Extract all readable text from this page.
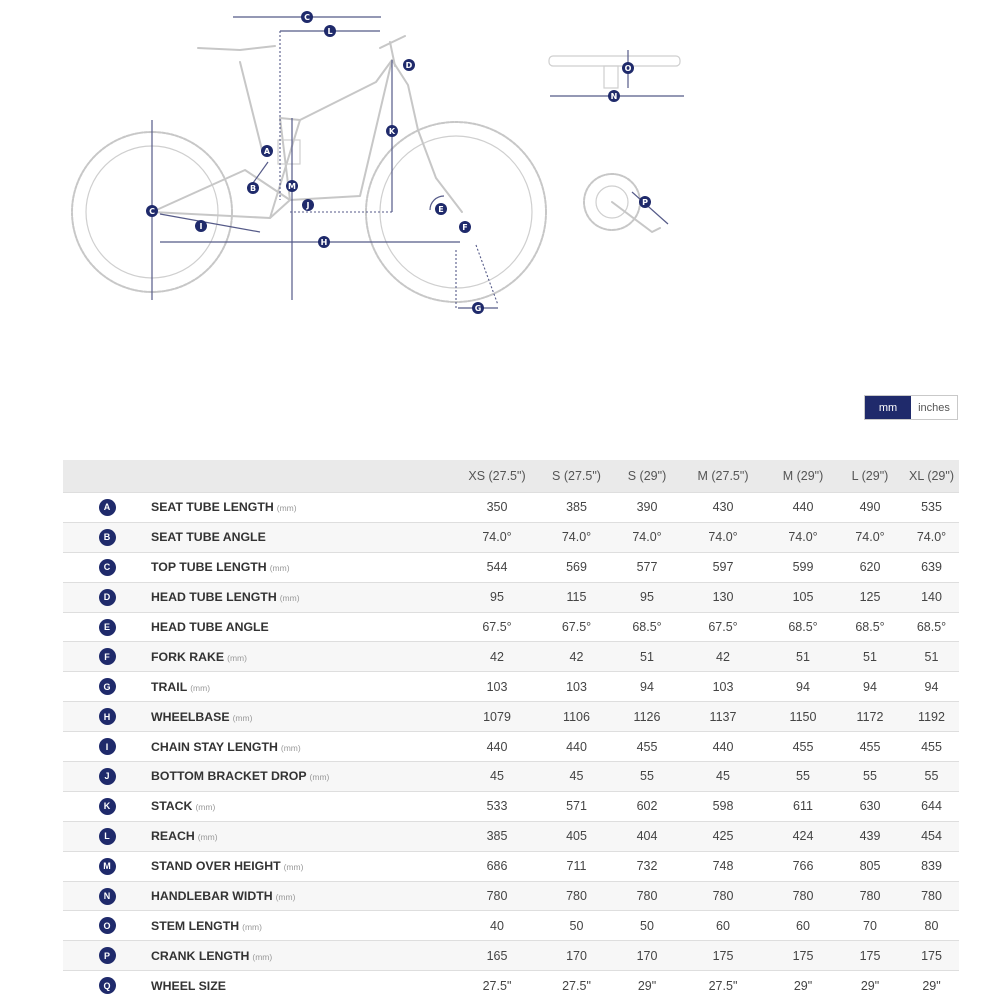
A
B
C
D
E
F
G
H
I
J
K
L
M
N
O
P
C
mm	inches
		XS (27.5")	S (27.5")	S (29")	M (27.5")	M (29")	L (29")	XL (29")
A	SEAT TUBE LENGTH (mm)	350	385	390	430	440	490	535
B	SEAT TUBE ANGLE	74.0°	74.0°	74.0°	74.0°	74.0°	74.0°	74.0°
C	TOP TUBE LENGTH (mm)	544	569	577	597	599	620	639
D	HEAD TUBE LENGTH (mm)	95	115	95	130	105	125	140
E	HEAD TUBE ANGLE	67.5°	67.5°	68.5°	67.5°	68.5°	68.5°	68.5°
F	FORK RAKE (mm)	42	42	51	42	51	51	51
G	TRAIL (mm)	103	103	94	103	94	94	94
H	WHEELBASE (mm)	1079	1106	1126	1137	1150	1172	1192
I	CHAIN STAY LENGTH (mm)	440	440	455	440	455	455	455
J	BOTTOM BRACKET DROP (mm)	45	45	55	45	55	55	55
K	STACK (mm)	533	571	602	598	611	630	644
L	REACH (mm)	385	405	404	425	424	439	454
M	STAND OVER HEIGHT (mm)	686	711	732	748	766	805	839
N	HANDLEBAR WIDTH (mm)	780	780	780	780	780	780	780
O	STEM LENGTH (mm)	40	50	50	60	60	70	80
P	CRANK LENGTH (mm)	165	170	170	175	175	175	175
Q	WHEEL SIZE	27.5"	27.5"	29"	27.5"	29"	29"	29"
